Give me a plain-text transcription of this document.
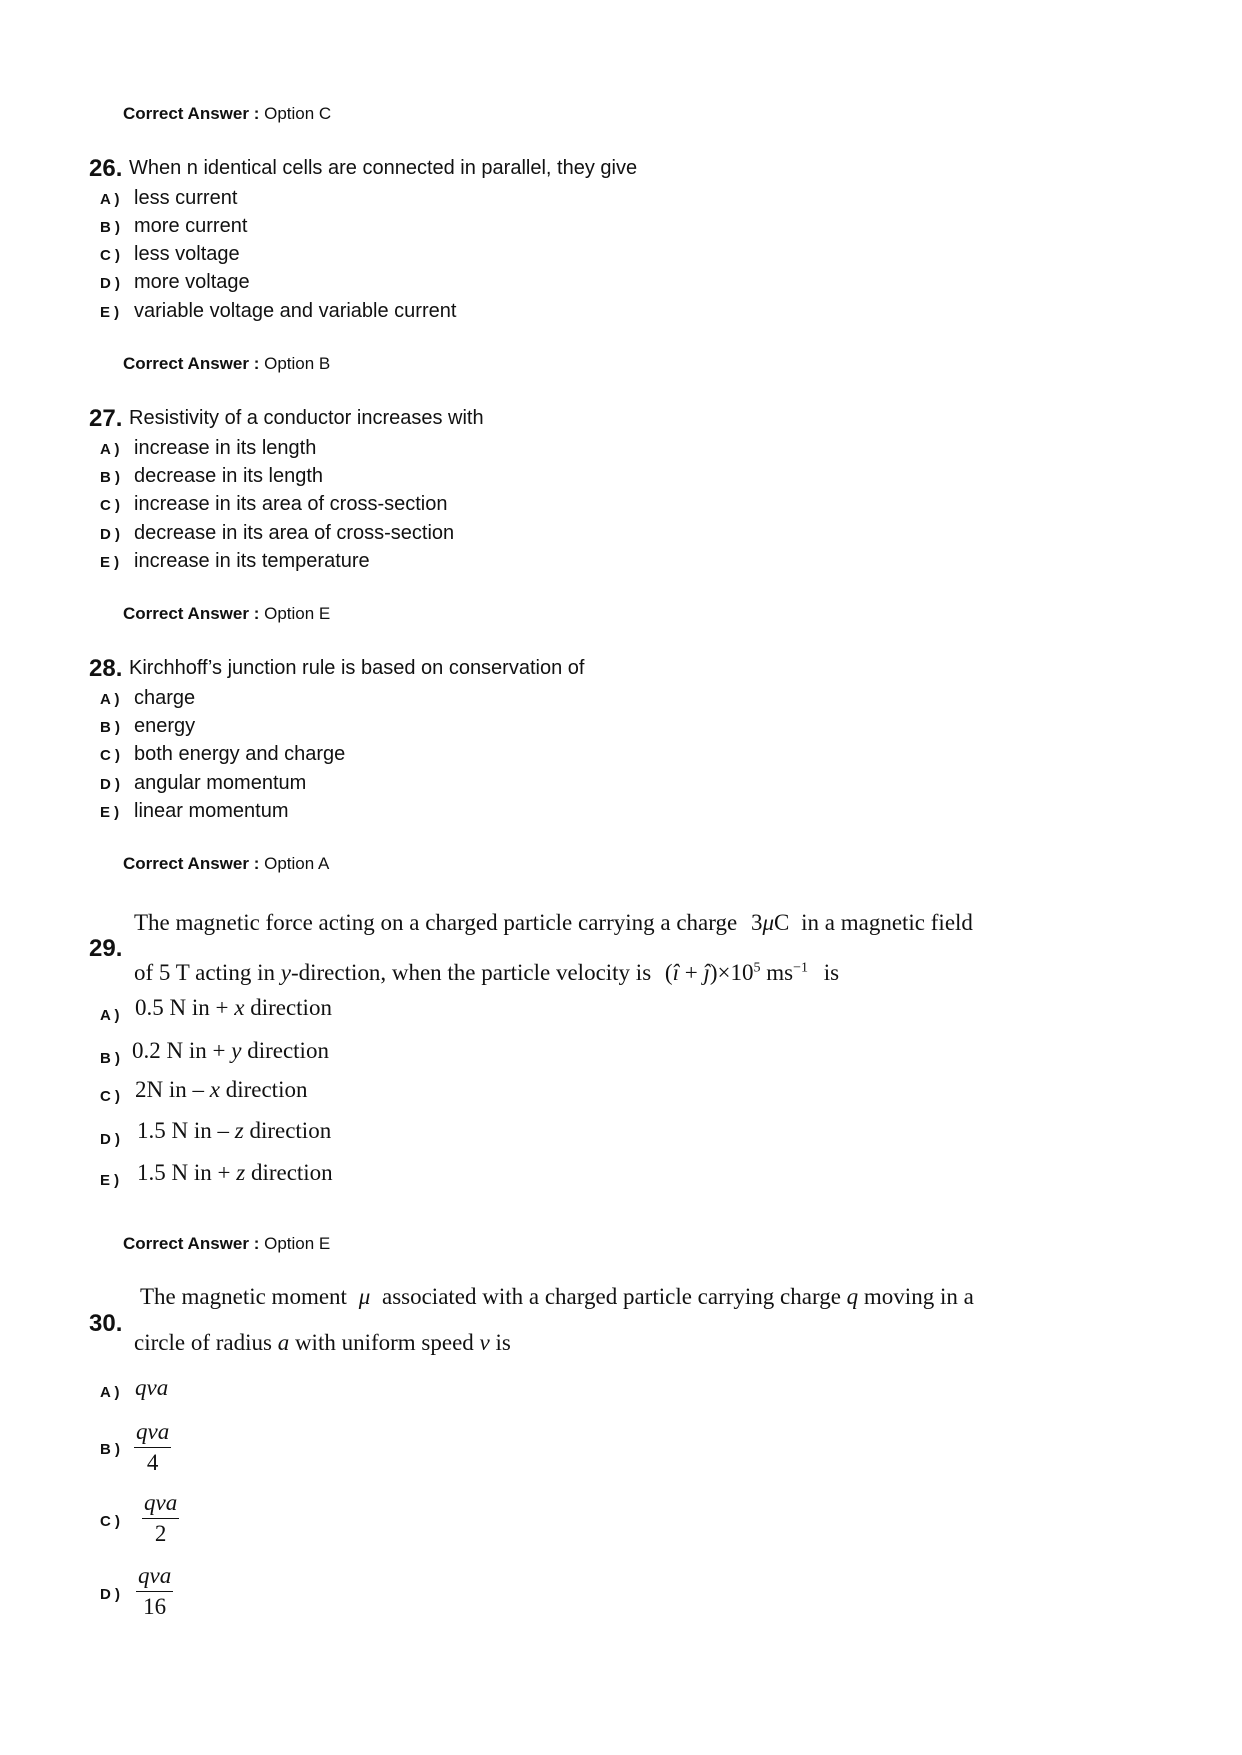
Correct Answer : Option C
26. When n identical cells are connected in parallel, they give
A ) less current
B ) more current
C ) less voltage
D ) more voltage
E ) variable voltage and variable current
Correct Answer : Option B
27. Resistivity of a conductor increases with
A ) increase in its length
B ) decrease in its length
C ) increase in its area of cross-section
D ) decrease in its area of cross-section
E ) increase in its temperature
Correct Answer : Option E
28. Kirchhoff’s junction rule is based on conservation of
A ) charge
B ) energy
C ) both energy and charge
D ) angular momentum
E ) linear momentum
Correct Answer : Option A
29.
The magnetic force acting on a charged particle carrying a charge 3μC in a magnetic field
of 5 T acting in y-direction, when the particle velocity is (î + $ĵ)\times 10^5$ $ms^{-1}$ is
A ) 0.5 N in + x direction
B ) 0.2 N in + y direction
C ) 2N in – x direction
D ) 1.5 N in – z direction
E ) 1.5 N in + z direction
Correct Answer : Option E
30.
The magnetic moment μ associated with a charged particle carrying charge q moving in a
circle of radius a with uniform speed v is
A ) qva
B )
qva
4
C )
qva
2
D )
qva
16
